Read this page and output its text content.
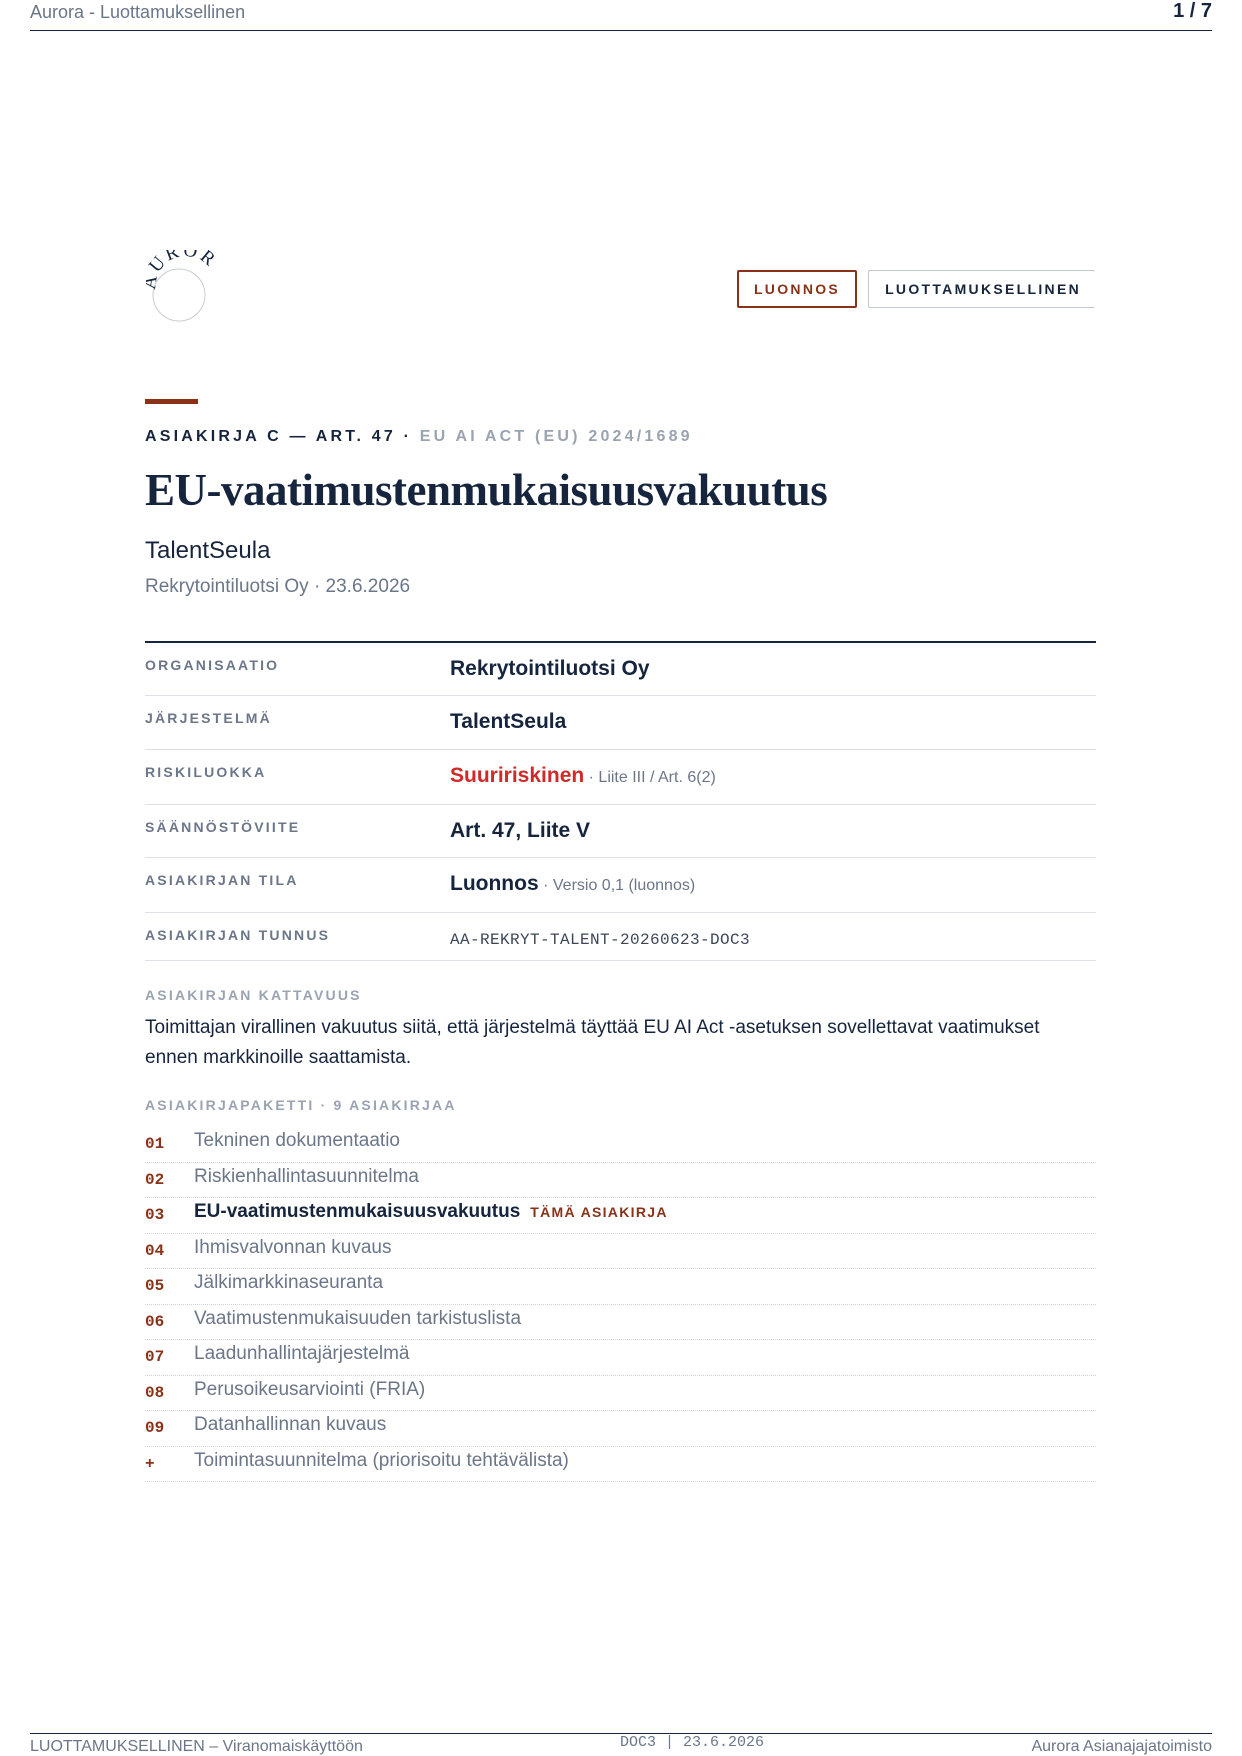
Aurora - Luottamuksellinen	1 / 7
UROR
LUONNOS	LUOTTAMUKSELLINEN
ASIAKIRJA C — ART. 47 · EU AI ACT (EU) 2024/1689
EU-vaatimustenmukaisuusvakuutus
TalentSeula
Rekrytointiluotsi Oy · 23.6.2026
ORGANISAATIO	Rekrytointiluotsi Oy
JÄRJESTELMÄ	TalentSeula
RISKILUOKKA	Suuririskinen · Liite III / Art. 6(2)
SÄÄNNÖSTÖVIITE	Art. 47, Liite V
ASIAKIRJAN TILA	Luonnos · Versio 0,1 (luonnos)
ASIAKIRJAN TUNNUS	AA-REKRYT-TALENT-20260623-DOC3
ASIAKIRJAN KATTAVUUS

Toimittajan virallinen vakuutus siitä, että järjestelmä täyttää EU AI Act -asetuksen sovellettavat vaatimukset ennen markkinoille saattamista.

ASIAKIRJAPAKETTI · 9 ASIAKIRJAA
01 Tekninen dokumentaatio
02 Riskienhallintasuunnitelma
03 EU-vaatimustenmukaisuusvakuutus TÄMÄ ASIAKIRJA
04 Ihmisvalvonnan kuvaus
05 Jälkimarkkinaseuranta
06 Vaatimustenmukaisuuden tarkistuslista
07 Laadunhallintajärjestelmä
08 Perusoikeusarviointi (FRIA)
09 Datanhallinnan kuvaus
+ Toimintasuunnitelma (priorisoitu tehtävälista)
LUOTTAMUKSELLINEN – Viranomaiskäyttöön	DOC3 | 23.6.2026	Aurora Asianajajatoimisto
